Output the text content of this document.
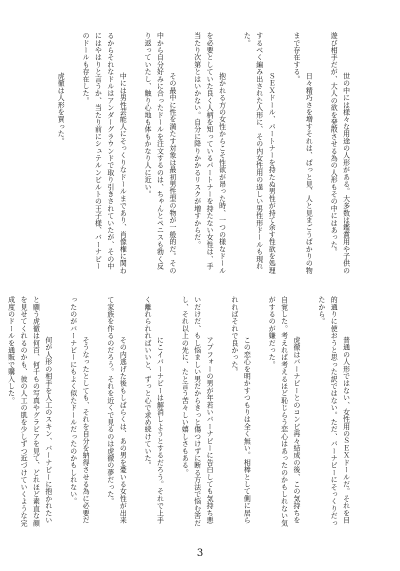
　世の中には様々な用途の人形がある。大多数は鑑賞用や子供の遊び相手だが、大人の欲を発散させる為の人形もその中にはあった。

　日々精巧さを増すそれは、ぱっと見、人と見まごうばかりの物まで存在する。

　ＳＥＸドール、パートナーを持たぬ男性が持て余す性欲を処理するべく編み出された人形に、その内女性用の逞しい男性形ドールも現れた。

　抱かれる方の女性からこそ性欲が昂った時、一つの様なドールを必要としていた良く人柄を知っているパートナーを持たない女性は、手当たり次第とはいかない。自分に降りかかるリスクが増すからだ。

　その最中に性を満たす対象は最初男性型の物が一般的だ。その中から自分好みに合ったドールを注文するのは、ちゃんとペニスも勃く反り返っていたし、触り心地も体もかなり人に近い。

　中には男性芸能人にそっくりなドールまであり、肖像権に関わるからそれなドルはアンダーグラウンドで取り引きされていたが、その中にはやはりと言うか、当たり前にシュテルンビルトの王子様、バーナビーのドールも存在した。

　虎徹は人形を買った。

　普通の人形ではない、女性用のＳＥＸドールだ。それを目的通りに使おうと思った訳ではない。ただ、バーナビーにそっくりだったから。

　虎徹はバーナビーとのコンビ再々結成の後、この気持ちを自覚した。考えれば考えるほど恥じらう恋心はあったのかもしれない気がするのが嫌だった。

　この恋心を明かすつもりは全く無い。相棒として側に居られればそれで良かった。

　アプフォーの男が年若いバーナビーに告白しても気持ち悪いだけだ、もし悩ましい男だからきっと傷つけずに断る方法で悩む筈だし、それ以上の先に、たと言う苦々しい嬉しさもある。

　にこイバーナビーは解消しようとするだろう。それで上手く離れられればいいと、ずっと心で求め続けていた。

　その内逃げた後もしばらくは、あの男を憂いる女性が出来て家族を作るのだろう。それを近くで見るのは虎徹の夢だった。

　そうなったとしても、それを自分を納得させる為に必要だったのがバーナビーにもよく似たドールだったのかもしれない。

　何が人形の相手を人工のスキン、バーナビーに抱かれたいと願う虎徹は何百、何千もの写真やグラビアを見て、どれほど素直な顔を見せてくれるのかも、彼の人工の肌を少しずつ近づけていくような完成度のドールを通販で購入した。

3
